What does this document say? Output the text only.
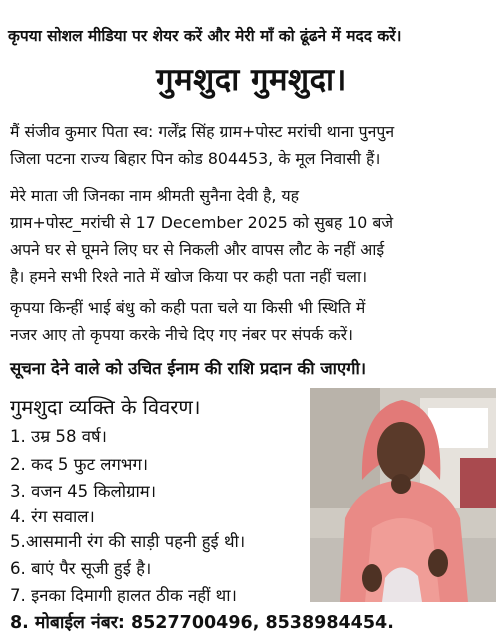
कृपया सोशल मीडिया पर शेयर करें और मेरी माँ को ढूंढने में मदद करें।
गुमशुदा गुमशुदा।
मैं संजीव कुमार पिता स्व: गर्लेंद्र सिंह ग्राम+पोस्ट मरांची थाना पुनपुन
जिला पटना राज्य बिहार पिन कोड 804453, के मूल निवासी हैं।
मेरे माता जी जिनका नाम श्रीमती सुनैना देवी है, यह
ग्राम+पोस्ट_मरांची से 17 December 2025 को सुबह 10 बजे
अपने घर से घूमने लिए घर से निकली और वापस लौट के नहीं आई
है। हमने सभी रिश्ते नाते में खोज किया पर कही पता नहीं चला।
कृपया किन्हीं भाई बंधु को कही पता चले या किसी भी स्थिति में
नजर आए तो कृपया करके नीचे दिए गए नंबर पर संपर्क करें।
सूचना देने वाले को उचित ईनाम की राशि प्रदान की जाएगी।
गुमशुदा व्यक्ति के विवरण।
1. उम्र 58 वर्ष।
2. कद 5 फुट लगभग।
3. वजन 45 किलोग्राम।
4. रंग सवाल।
5.आसमानी रंग की साड़ी पहनी हुई थी।
6. बाएं पैर सूजी हुई है।
7. इनका दिमागी हालत ठीक नहीं था।
8. मोबाईल नंबर: 8527700496, 8538984454.
